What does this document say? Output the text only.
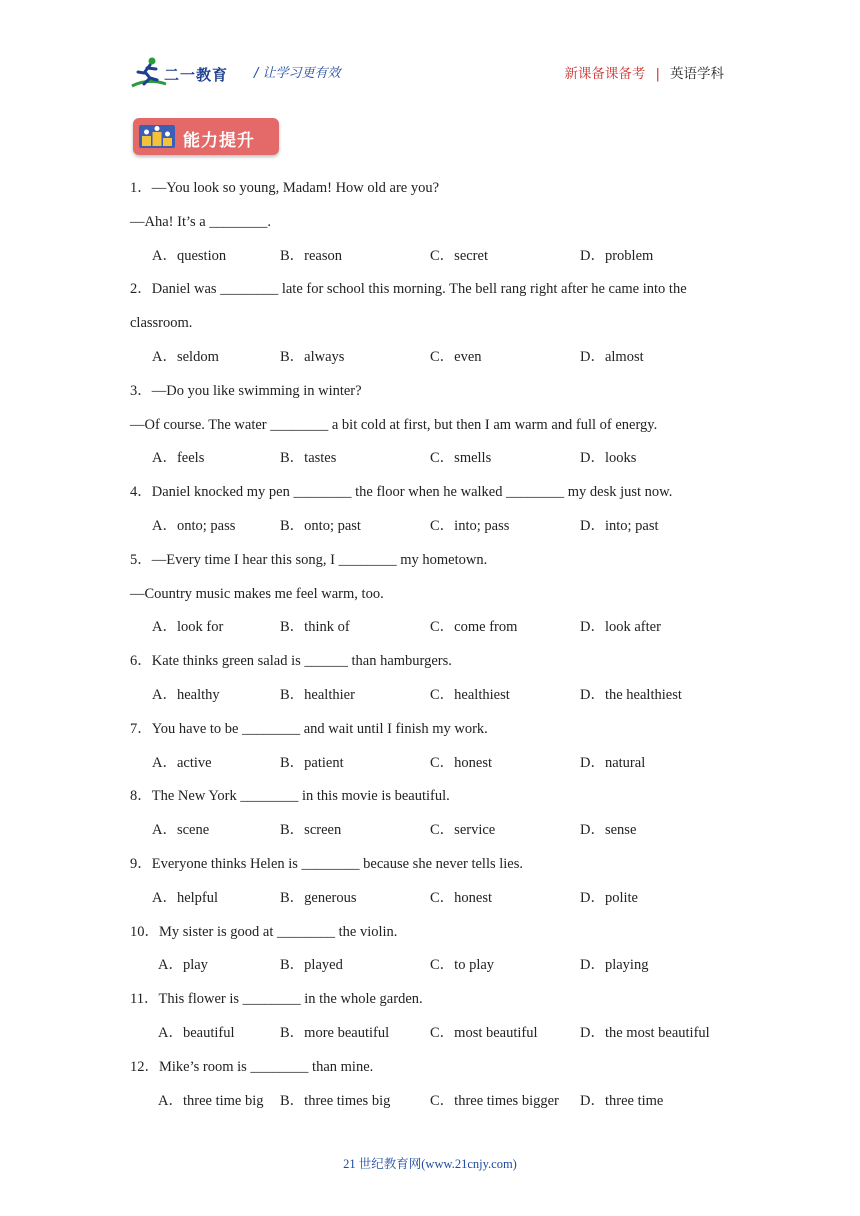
二一教育 / 让学习更有效	新课备课备考 | 英语学科
能力提升
1．—You look so young, Madam! How old are you?
—Aha! It’s a ________.
A．question	B．reason	C．secret	D．problem
2．Daniel was ________ late for school this morning. The bell rang right after he came into the
classroom.
A．seldom	B．always	C．even	D．almost
3．—Do you like swimming in winter?
—Of course. The water ________ a bit cold at first, but then I am warm and full of energy.
A．feels	B．tastes	C．smells	D．looks
4．Daniel knocked my pen ________ the floor when he walked ________ my desk just now.
A．onto; pass	B．onto; past	C．into; pass	D．into; past
5．—Every time I hear this song, I ________ my hometown.
—Country music makes me feel warm, too.
A．look for	B．think of	C．come from	D．look after
6．Kate thinks green salad is ______ than hamburgers.
A．healthy	B．healthier	C．healthiest	D．the healthiest
7．You have to be ________ and wait until I finish my work.
A．active	B．patient	C．honest	D．natural
8．The New York ________ in this movie is beautiful.
A．scene	B．screen	C．service	D．sense
9．Everyone thinks Helen is ________ because she never tells lies.
A．helpful	B．generous	C．honest	D．polite
10．My sister is good at ________ the violin.
A．play	B．played	C．to play	D．playing
11．This flower is ________ in the whole garden.
A．beautiful	B．more beautiful	C．most beautiful	D．the most beautiful
12．Mike’s room is ________ than mine.
A．three time big B．three times big	C．three times bigger D．three time
21 世纪教育网(www.21cnjy.com)
